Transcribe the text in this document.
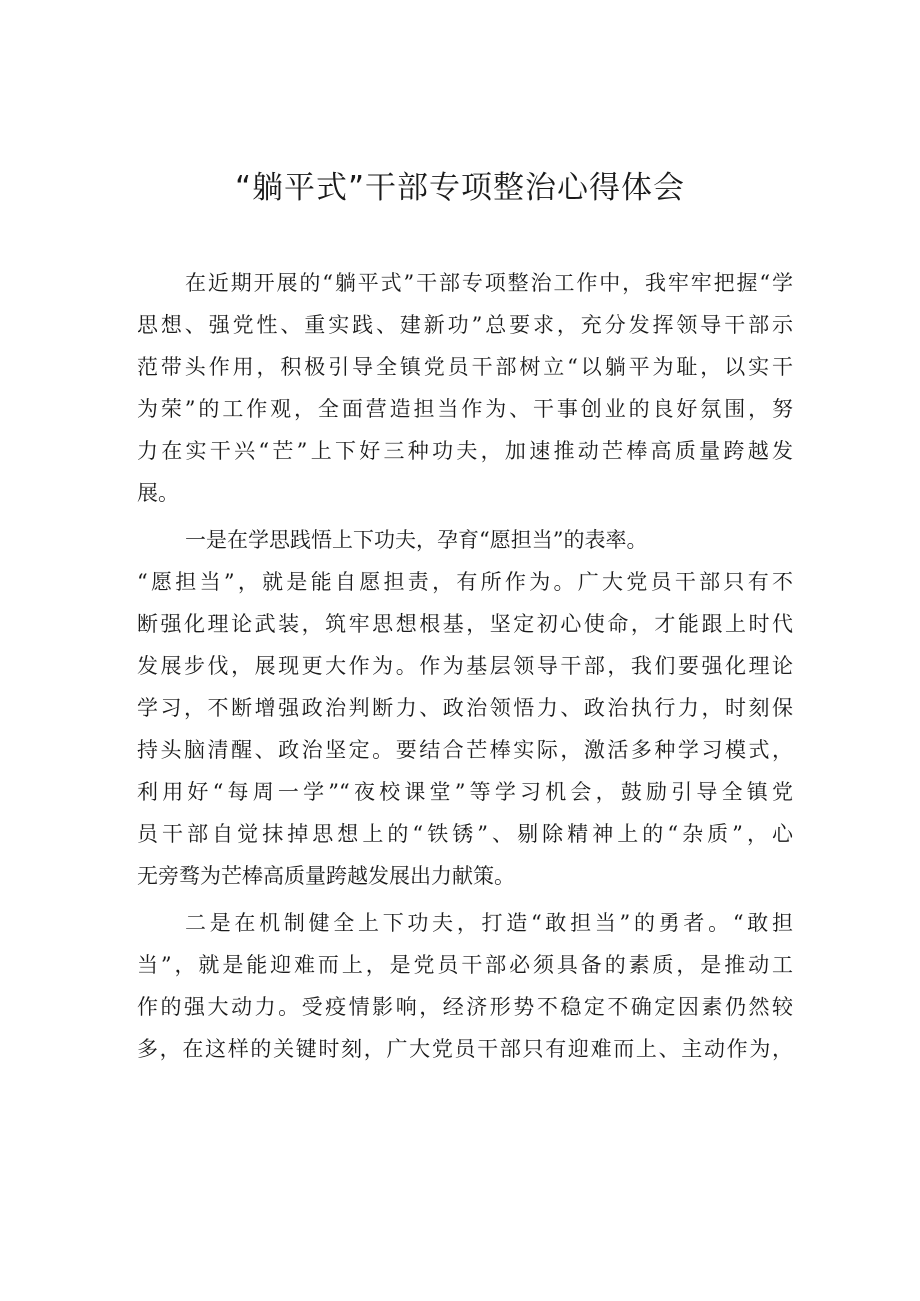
“躺平式”干部专项整治心得体会
在近期开展的“躺平式”干部专项整治工作中，我牢牢把握“学
思想、强党性、重实践、建新功”总要求，充分发挥领导干部示
范带头作用，积极引导全镇党员干部树立“以躺平为耻，以实干
为荣”的工作观，全面营造担当作为、干事创业的良好氛围，努
力在实干兴“芒”上下好三种功夫，加速推动芒棒高质量跨越发
展。
一是在学思践悟上下功夫，孕育“愿担当”的表率。
“愿担当”，就是能自愿担责，有所作为。广大党员干部只有不
断强化理论武装，筑牢思想根基，坚定初心使命，才能跟上时代
发展步伐，展现更大作为。作为基层领导干部，我们要强化理论
学习，不断增强政治判断力、政治领悟力、政治执行力，时刻保
持头脑清醒、政治坚定。要结合芒棒实际，激活多种学习模式，
利用好“每周一学”“夜校课堂”等学习机会，鼓励引导全镇党
员干部自觉抹掉思想上的“铁锈”、剔除精神上的“杂质”，心
无旁骛为芒棒高质量跨越发展出力献策。
二是在机制健全上下功夫，打造“敢担当”的勇者。“敢担
当”，就是能迎难而上，是党员干部必须具备的素质，是推动工
作的强大动力。受疫情影响，经济形势不稳定不确定因素仍然较
多，在这样的关键时刻，广大党员干部只有迎难而上、主动作为，
